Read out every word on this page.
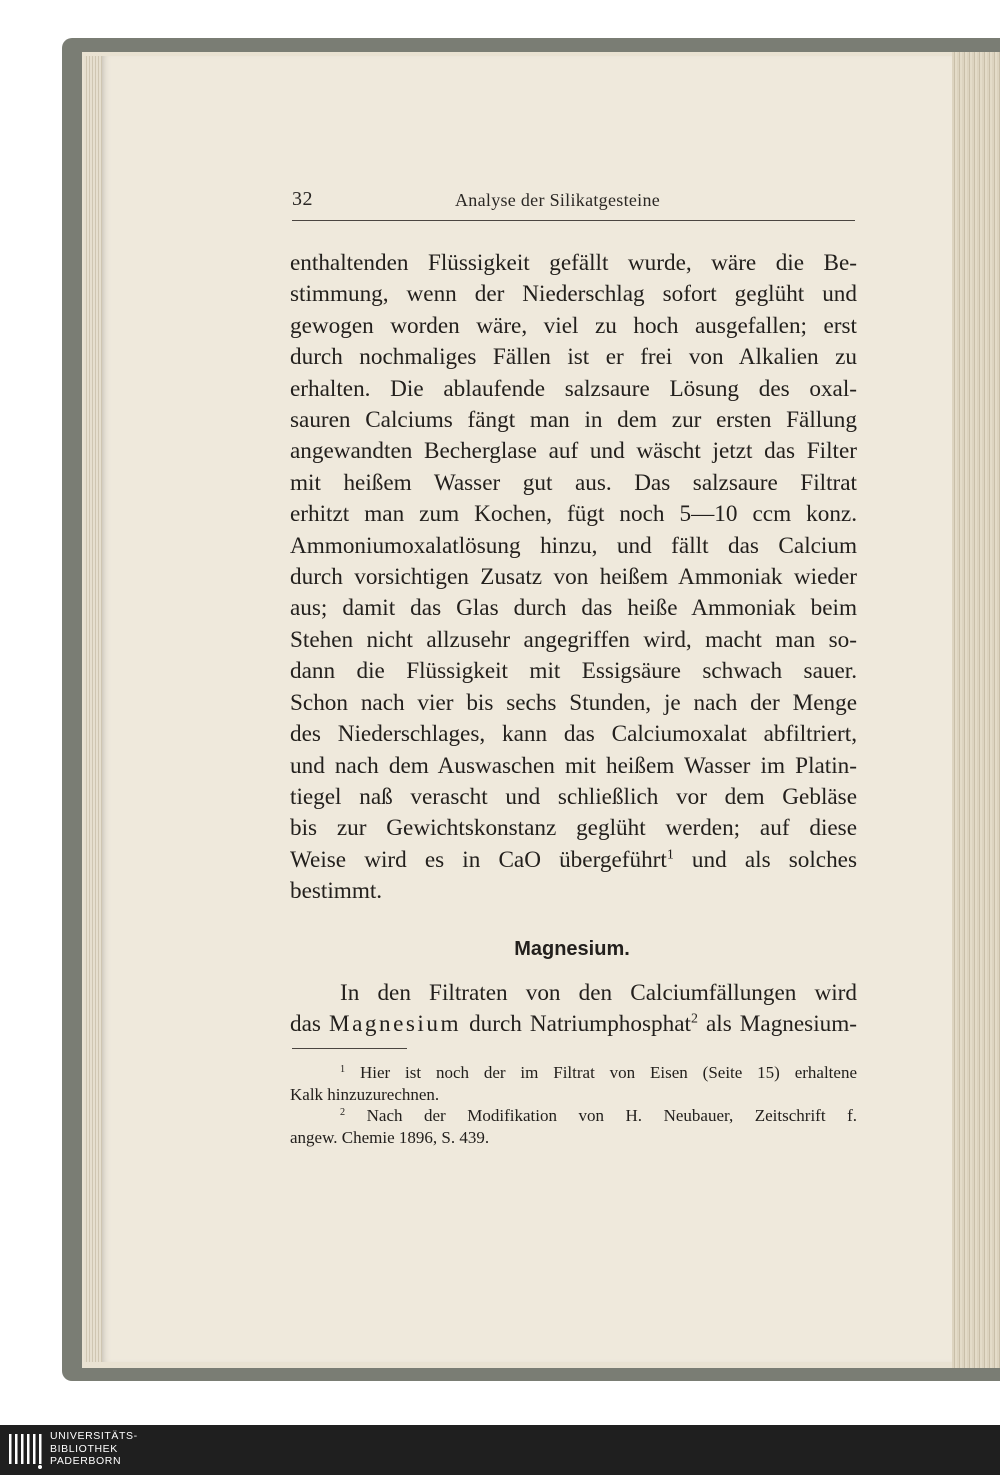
32	Analyse der Silikatgesteine
enthaltenden Flüssigkeit gefällt wurde, wäre die Be-
stimmung, wenn der Niederschlag sofort geglüht und
gewogen worden wäre, viel zu hoch ausgefallen; erst
durch nochmaliges Fällen ist er frei von Alkalien zu
erhalten. Die ablaufende salzsaure Lösung des oxal-
sauren Calciums fängt man in dem zur ersten Fällung
angewandten Becherglase auf und wäscht jetzt das Filter
mit heißem Wasser gut aus. Das salzsaure Filtrat
erhitzt man zum Kochen, fügt noch 5—10 ccm konz.
Ammoniumoxalatlösung hinzu, und fällt das Calcium
durch vorsichtigen Zusatz von heißem Ammoniak wieder
aus; damit das Glas durch das heiße Ammoniak beim
Stehen nicht allzusehr angegriffen wird, macht man so-
dann die Flüssigkeit mit Essigsäure schwach sauer.
Schon nach vier bis sechs Stunden, je nach der Menge
des Niederschlages, kann das Calciumoxalat abfiltriert,
und nach dem Auswaschen mit heißem Wasser im Platin-
tiegel naß verascht und schließlich vor dem Gebläse
bis zur Gewichtskonstanz geglüht werden; auf diese
Weise wird es in CaO übergeführt$^1$ und als solches
bestimmt.
Magnesium.
In den Filtraten von den Calciumfällungen wird
das Magnesium durch Natriumphosphat$^2$ als Magnesium-
$^1$ Hier ist noch der im Filtrat von Eisen (Seite 15) erhaltene
Kalk hinzuzurechnen.
$^2$ Nach der Modifikation von H. Neubauer, Zeitschrift f.
angew. Chemie 1896, S. 439.
UNIVERSITÄTS-
BIBLIOTHEK
PADERBORN
